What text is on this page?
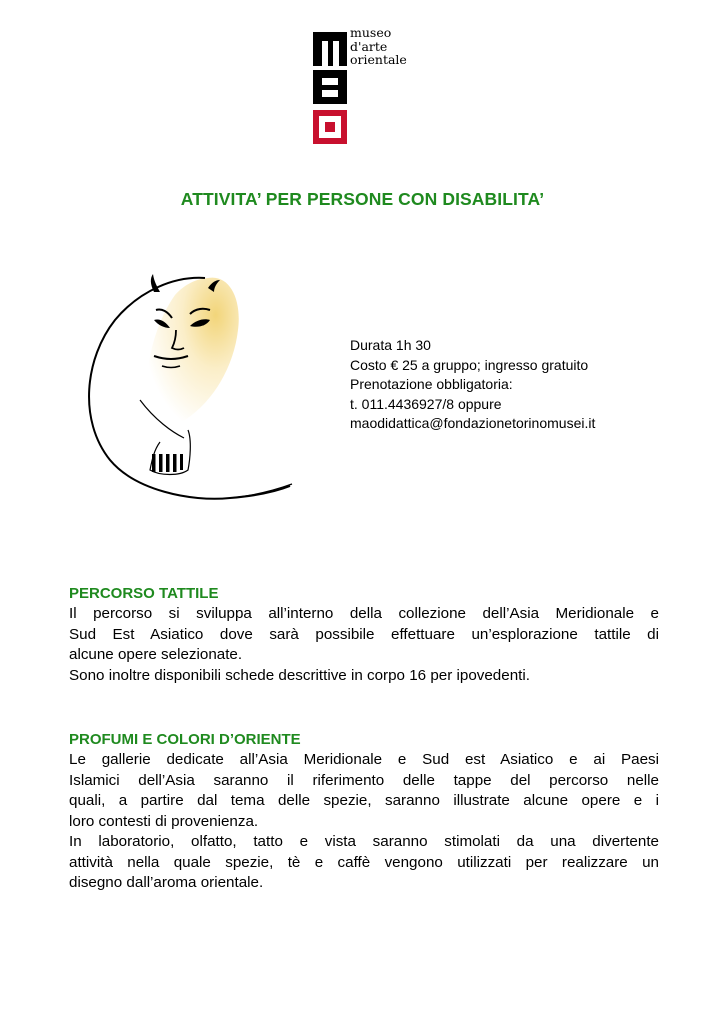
museo
d'arte
orientale
ATTIVITA’ PER PERSONE CON DISABILITA’
Durata 1h 30
Costo € 25 a gruppo; ingresso gratuito
Prenotazione obbligatoria:
t. 011.4436927/8 oppure
maodidattica@fondazionetorinomusei.it
PERCORSO TATTILE

Il percorso si sviluppa all’interno della collezione dell’Asia Meridionale e
Sud Est Asiatico dove sarà possibile effettuare un’esplorazione tattile di
alcune opere selezionate.
Sono inoltre disponibili schede descrittive in corpo 16 per ipovedenti.

PROFUMI E COLORI D’ORIENTE

Le gallerie dedicate all’Asia Meridionale e Sud est Asiatico e ai Paesi
Islamici dell’Asia saranno il riferimento delle tappe del percorso nelle
quali, a partire dal tema delle spezie, saranno illustrate alcune opere e i
loro contesti di provenienza.
In laboratorio, olfatto, tatto e vista saranno stimolati da una divertente
attività nella quale spezie, tè e caffè vengono utilizzati per realizzare un
disegno dall’aroma orientale.
